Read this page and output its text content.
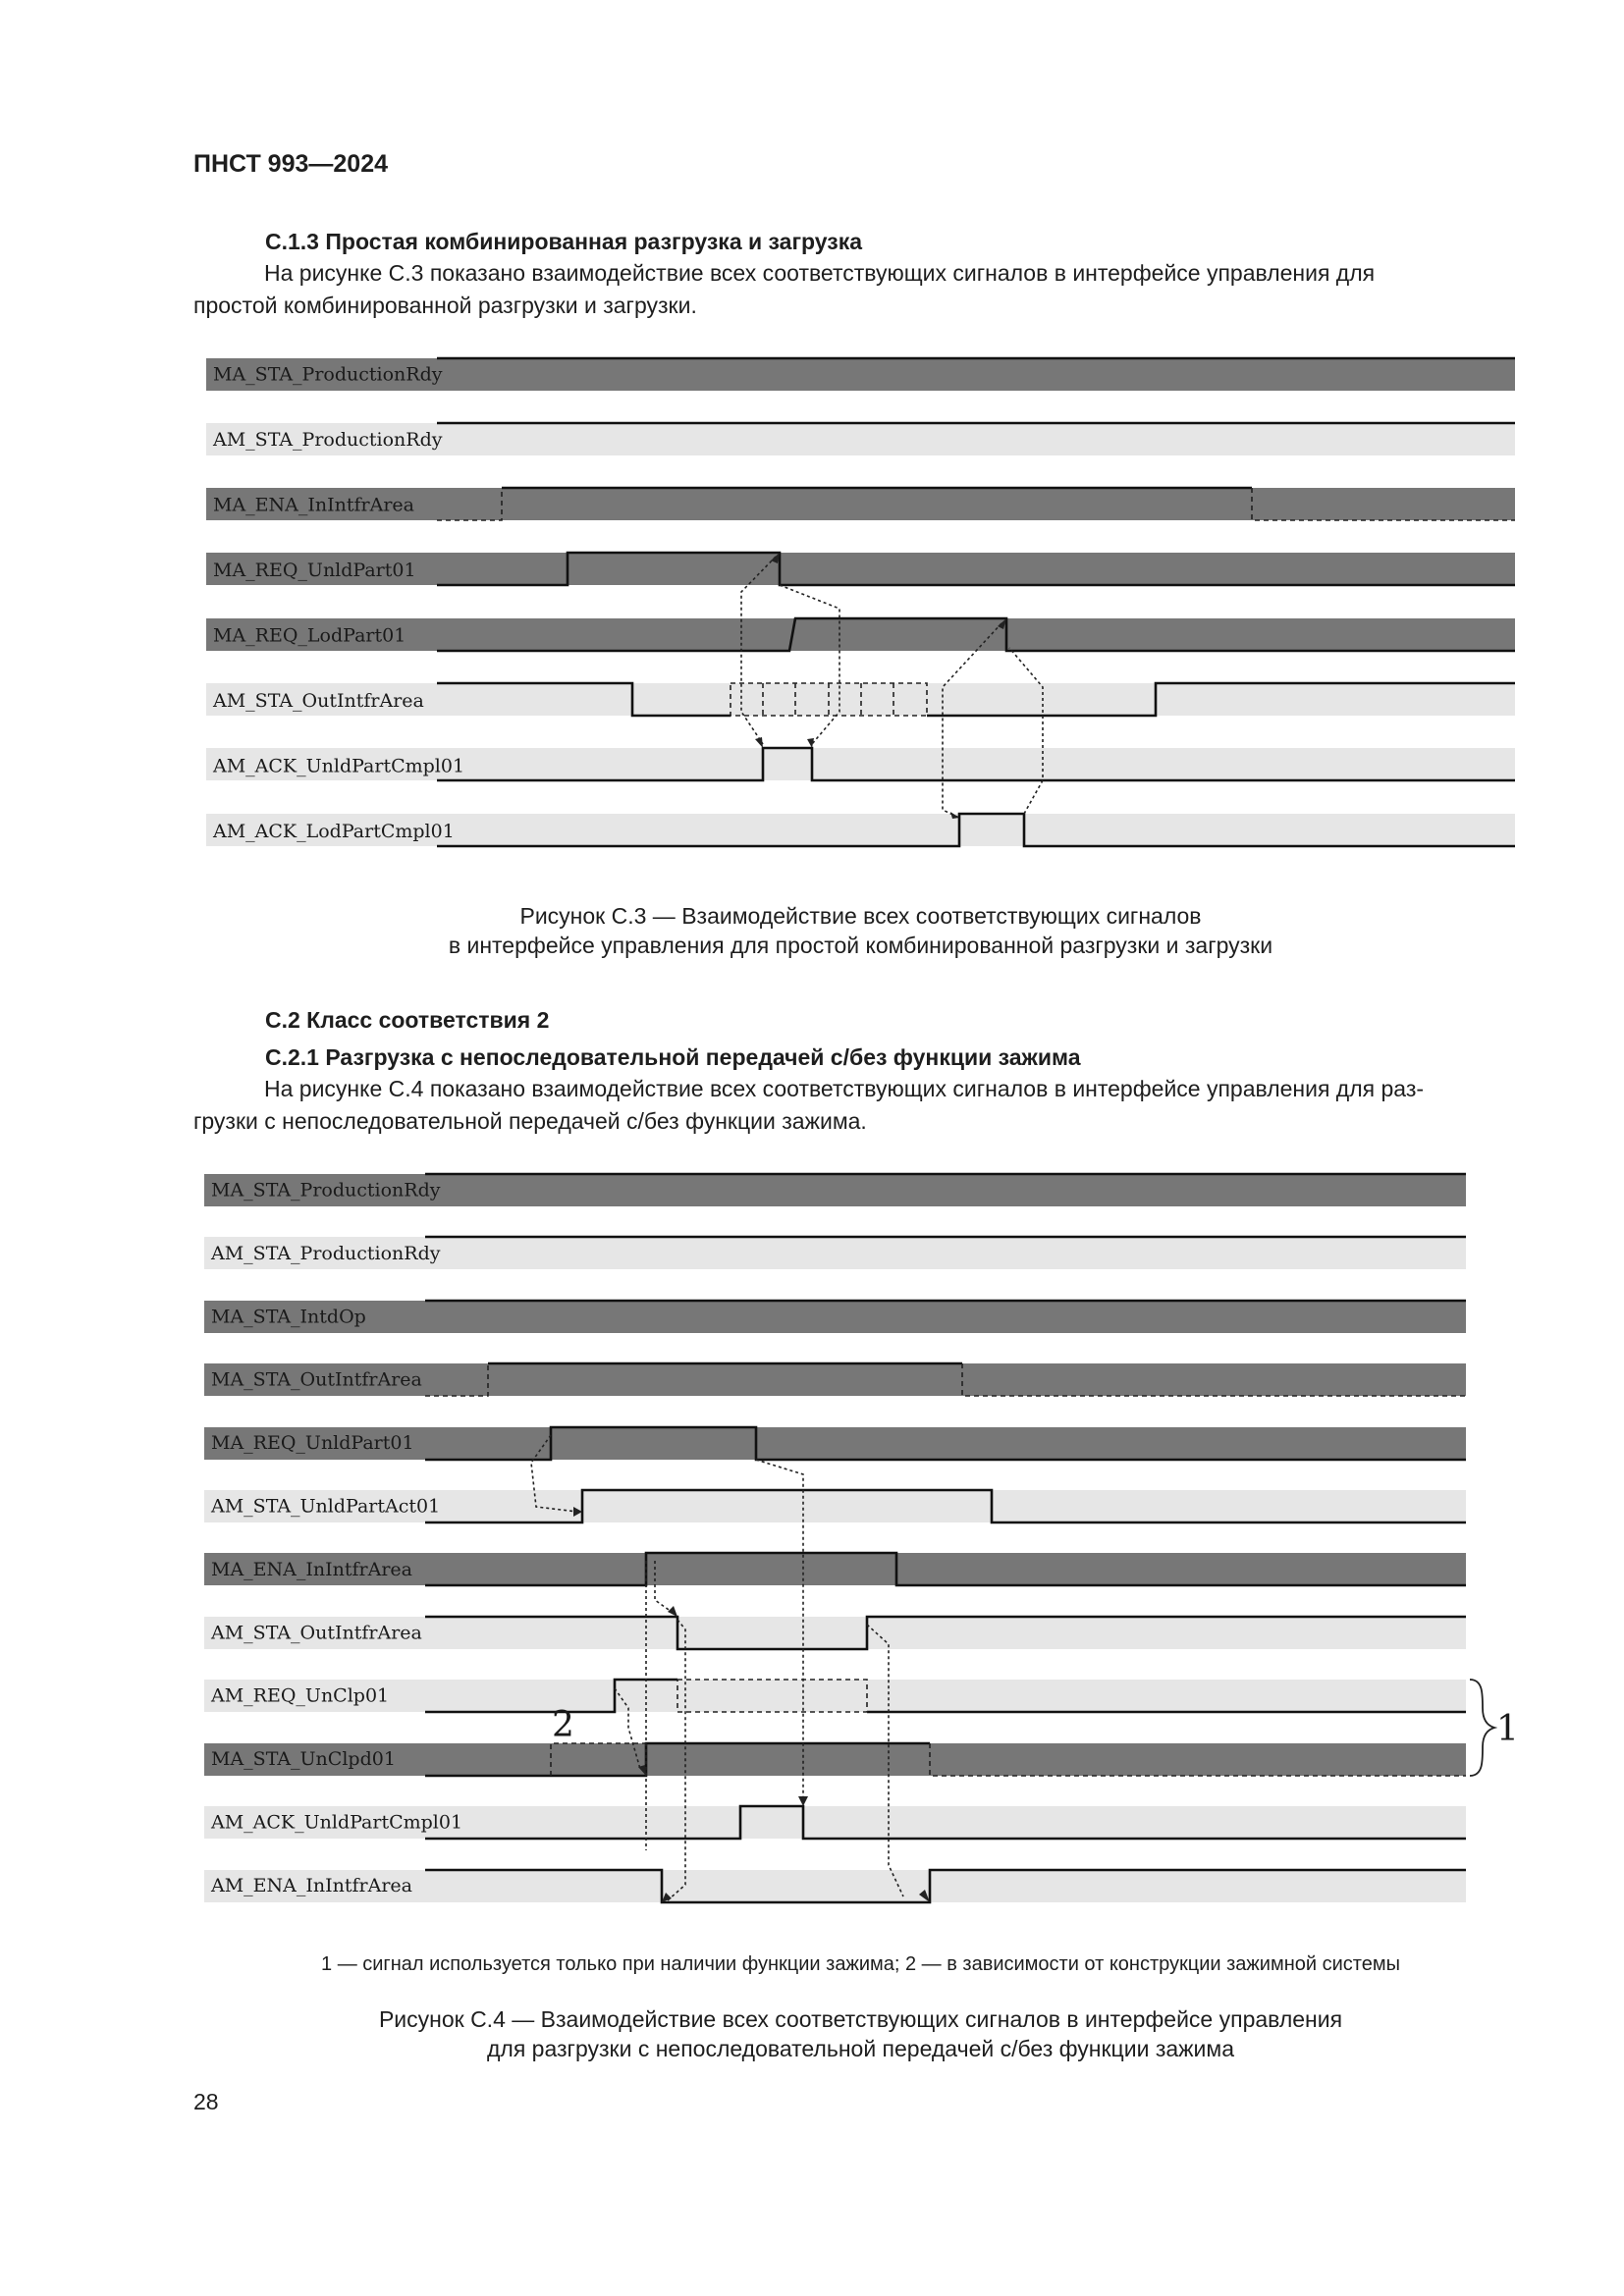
ПНСТ 993—2024
С.1.3 Простая комбинированная разгрузка и загрузка
На рисунке С.3 показано взаимодействие всех соответствующих сигналов в интерфейсе управления для
простой комбинированной разгрузки и загрузки.
MA_STA_ProductionRdy
AM_STA_ProductionRdy
MA_ENA_InIntfrArea
MA_REQ_UnldPart01
MA_REQ_LodPart01
AM_STA_OutIntfrArea
AM_ACK_UnldPartCmpl01
AM_ACK_LodPartCmpl01
Рисунок С.3 — Взаимодействие всех соответствующих сигналов
в интерфейсе управления для простой комбинированной разгрузки и загрузки
С.2 Класс соответствия 2
С.2.1 Разгрузка с непоследовательной передачей с/без функции зажима
На рисунке С.4 показано взаимодействие всех соответствующих сигналов в интерфейсе управления для раз-
грузки с непоследовательной передачей с/без функции зажима.
MA_STA_ProductionRdy
AM_STA_ProductionRdy
MA_STA_IntdOp
MA_STA_OutIntfrArea
MA_REQ_UnldPart01
AM_STA_UnldPartAct01
MA_ENA_InIntfrArea
AM_STA_OutIntfrArea
AM_REQ_UnClp01
MA_STA_UnClpd01
AM_ACK_UnldPartCmpl01
AM_ENA_InIntfrArea
1
2
1 — сигнал используется только при наличии функции зажима; 2 — в зависимости от конструкции зажимной системы
Рисунок С.4 — Взаимодействие всех соответствующих сигналов в интерфейсе управления
для разгрузки с непоследовательной передачей с/без функции зажима
28
